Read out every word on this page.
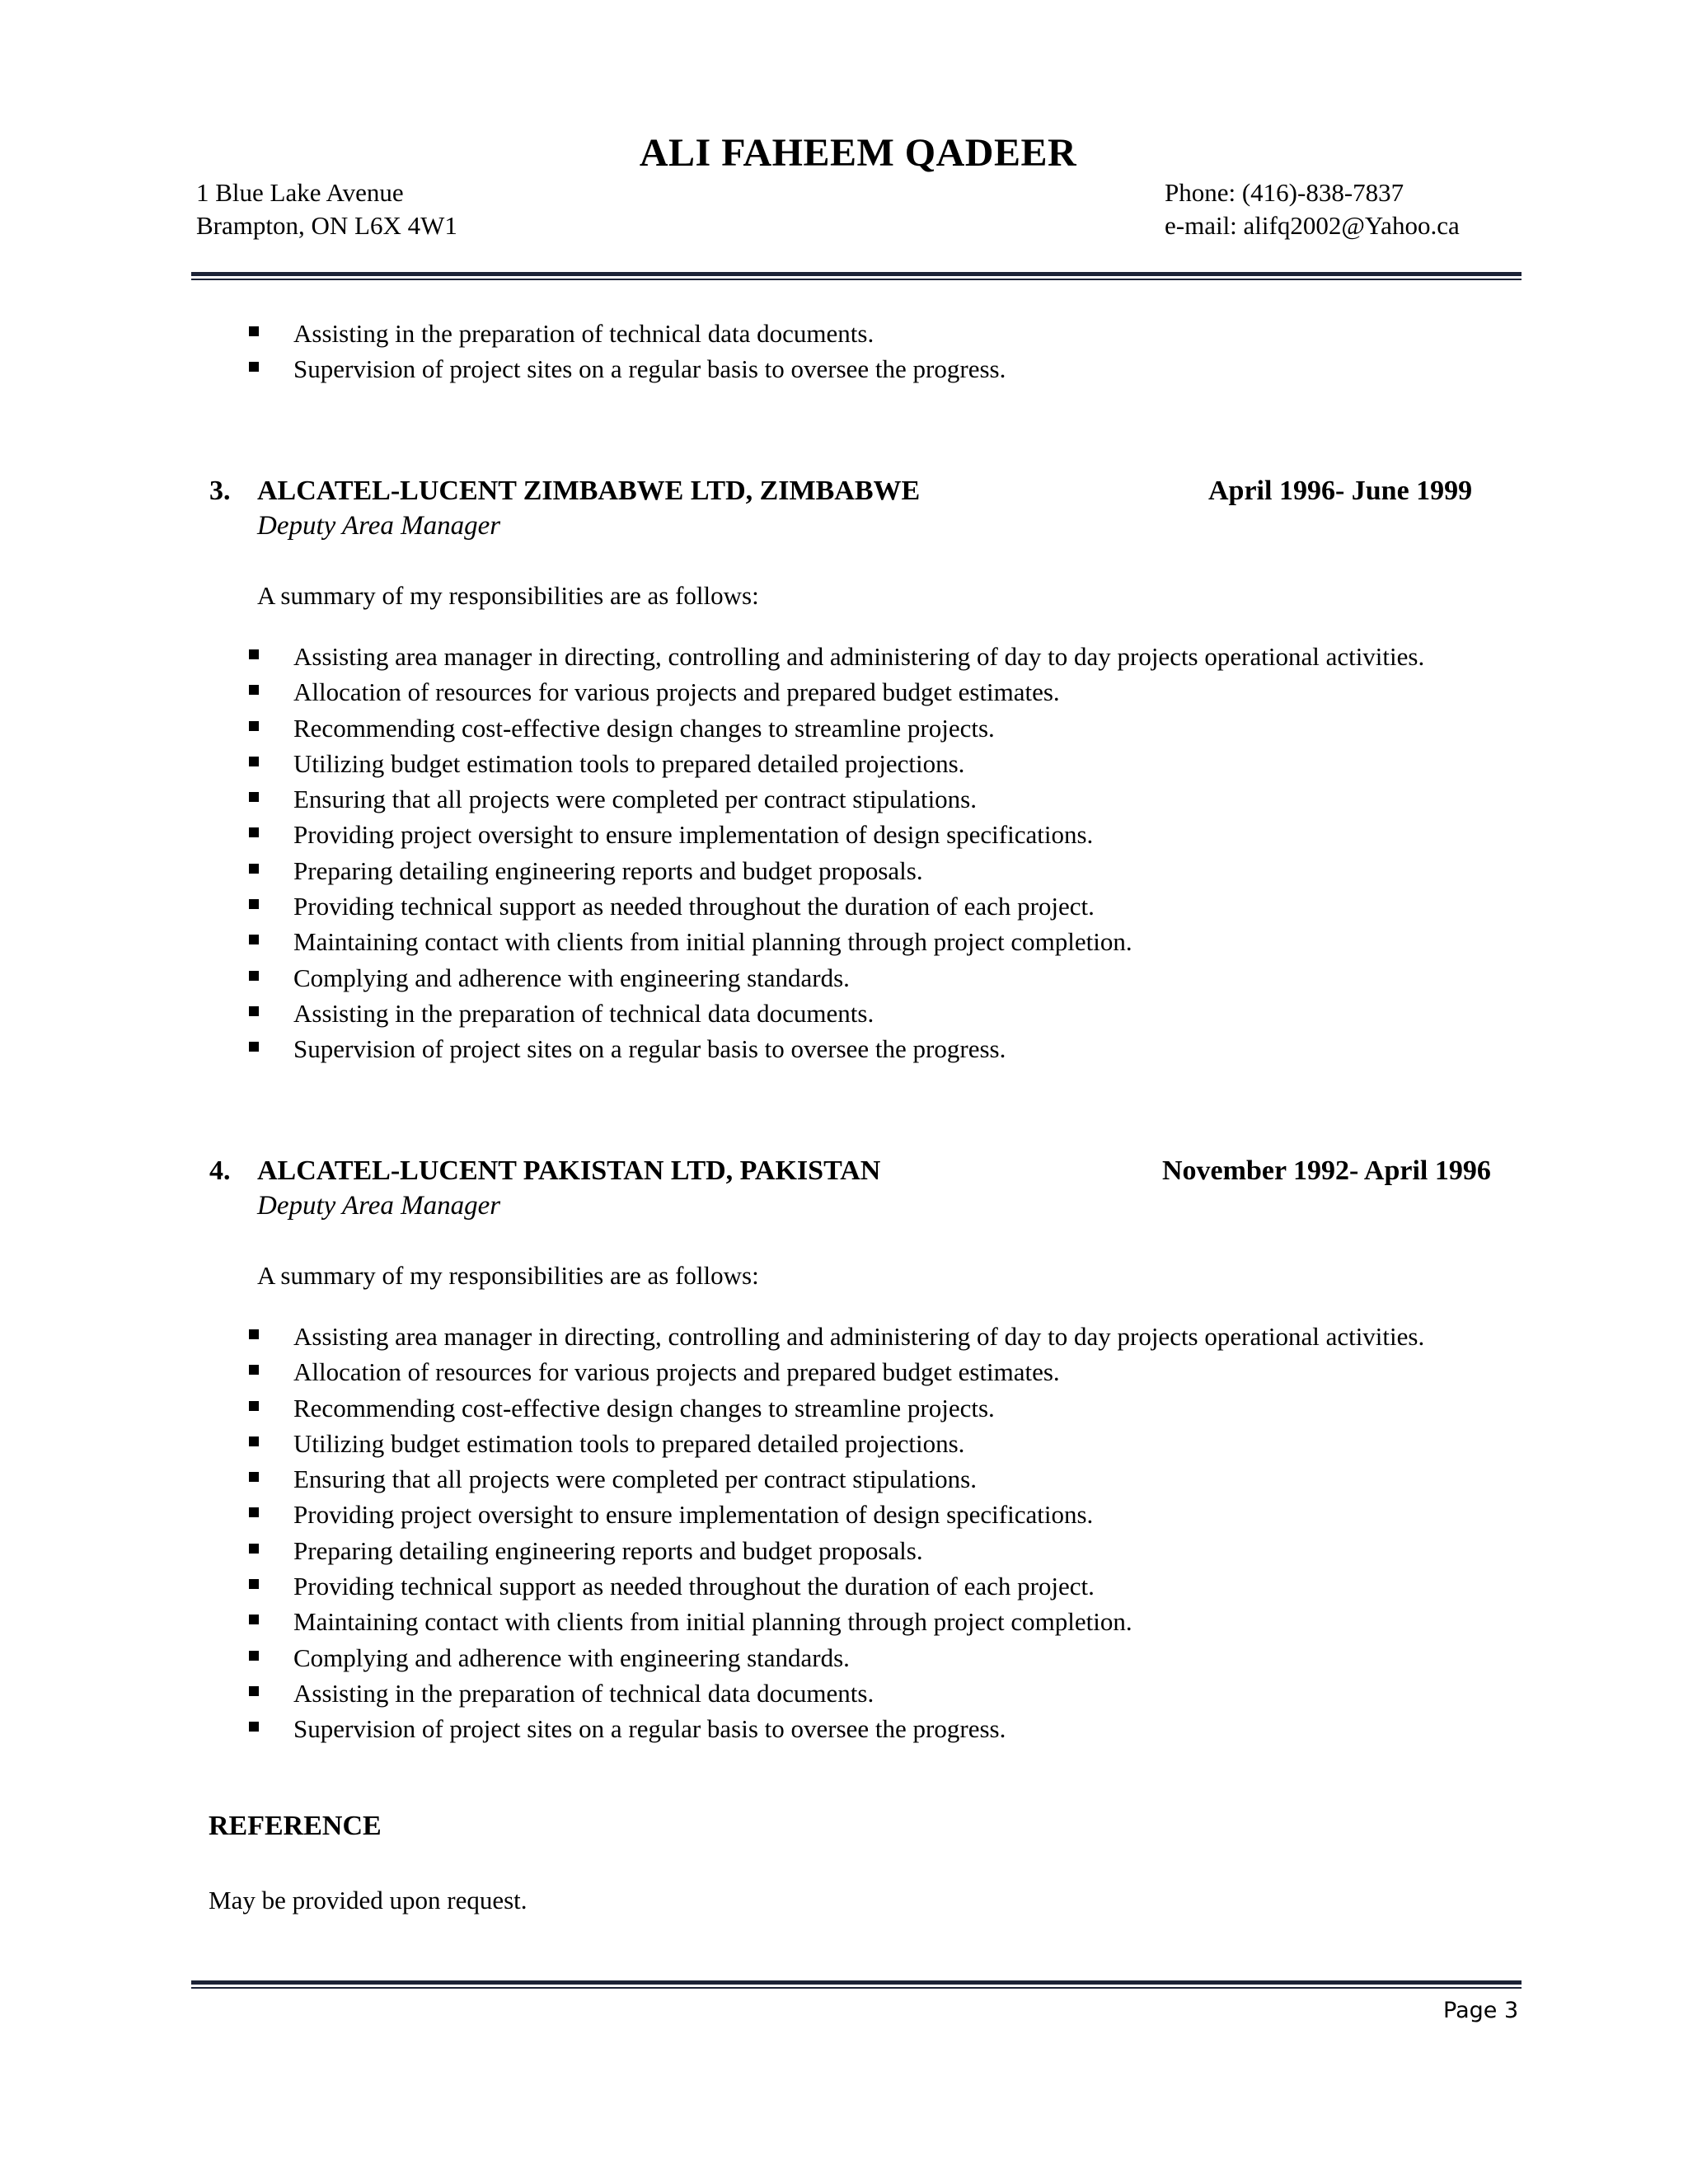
ALI FAHEEM QADEER
1 Blue Lake Avenue
Brampton, ON L6X 4W1
Phone: (416)-838-7837
e-mail: alifq2002@Yahoo.ca
Assisting in the preparation of technical data documents.
Supervision of project sites on a regular basis to oversee the progress.
3. ALCATEL-LUCENT ZIMBABWE LTD, ZIMBABWE	April 1996- June 1999
Deputy Area Manager
A summary of my responsibilities are as follows:
Assisting area manager in directing, controlling and administering of day to day projects operational activities.
Allocation of resources for various projects and prepared budget estimates.
Recommending cost-effective design changes to streamline projects.
Utilizing budget estimation tools to prepared detailed projections.
Ensuring that all projects were completed per contract stipulations.
Providing project oversight to ensure implementation of design specifications.
Preparing detailing engineering reports and budget proposals.
Providing technical support as needed throughout the duration of each project.
Maintaining contact with clients from initial planning through project completion.
Complying and adherence with engineering standards.
Assisting in the preparation of technical data documents.
Supervision of project sites on a regular basis to oversee the progress.
4. ALCATEL-LUCENT PAKISTAN LTD, PAKISTAN	November 1992- April 1996
Deputy Area Manager
A summary of my responsibilities are as follows:
Assisting area manager in directing, controlling and administering of day to day projects operational activities.
Allocation of resources for various projects and prepared budget estimates.
Recommending cost-effective design changes to streamline projects.
Utilizing budget estimation tools to prepared detailed projections.
Ensuring that all projects were completed per contract stipulations.
Providing project oversight to ensure implementation of design specifications.
Preparing detailing engineering reports and budget proposals.
Providing technical support as needed throughout the duration of each project.
Maintaining contact with clients from initial planning through project completion.
Complying and adherence with engineering standards.
Assisting in the preparation of technical data documents.
Supervision of project sites on a regular basis to oversee the progress.
REFERENCE
May be provided upon request.
Page 3
